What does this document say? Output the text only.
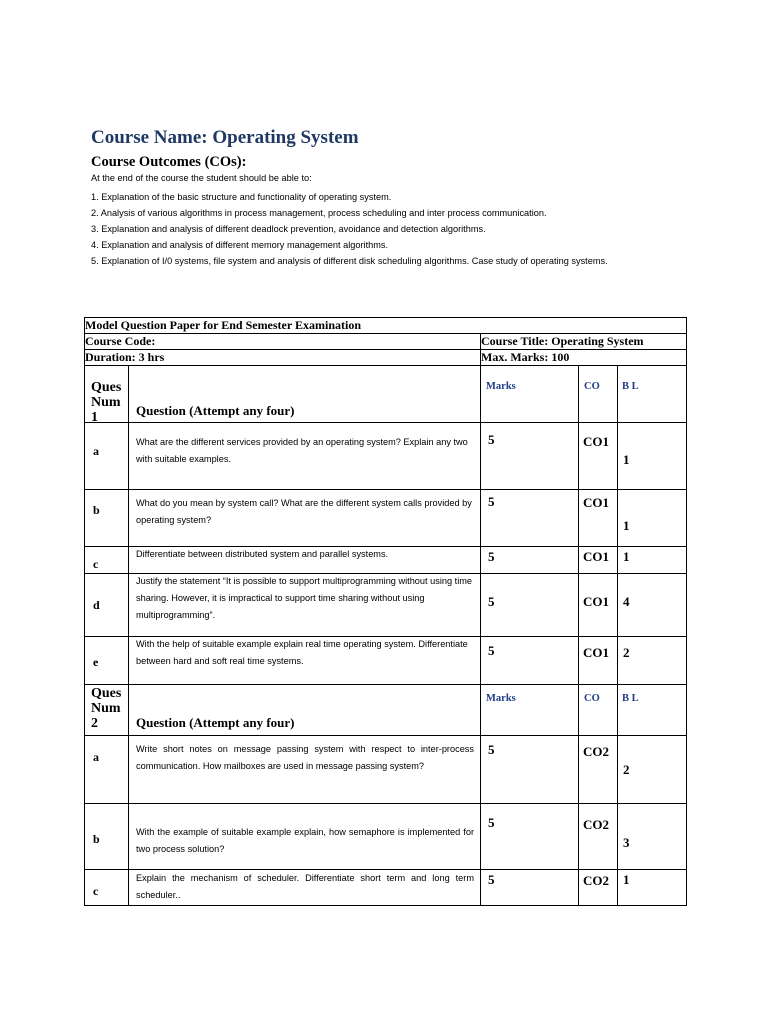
Course Name: Operating System
Course Outcomes (COs):
At the end of the course the student should be able to:
1. Explanation of the basic structure and functionality of operating system.
2. Analysis of various algorithms in process management, process scheduling and inter process communication.
3. Explanation and analysis of different deadlock prevention, avoidance and detection algorithms.
4. Explanation and analysis of different memory management algorithms.
5. Explanation of I/0 systems, file system and analysis of different disk scheduling algorithms. Case study of operating systems.
Model Question Paper for End Semester Examination				
Course Code:		Course Title: Operating System		
Duration: 3 hrs		Max. Marks: 100		

Ques
Num
1	Question (Attempt any four)	Marks	CO	B L

a	What are the different services provided by an operating system? Explain any two with suitable examples.	5	CO1	1

b	What do you mean by system call? What are the different system calls provided by operating system?	5	CO1	1

c	Differentiate between distributed system and parallel systems.	5	CO1	1

d	Justify the statement “It is possible to support multiprogramming without using time sharing. However, it is impractical to support time sharing without using multiprogramming”.	5	CO1	4

e	With the help of suitable example explain real time operating system. Differentiate between hard and soft real time systems.	5	CO1	2

Ques
Num
2	Question (Attempt any four)	Marks	CO	B L

a	Write short notes on message passing system with respect to inter-process communication. How mailboxes are used in message passing system?	5	CO2	2

b	With the example of suitable example explain, how semaphore is implemented for two process solution?	5	CO2	3

c	Explain the mechanism of scheduler. Differentiate short term and long term scheduler..	5	CO2	1
